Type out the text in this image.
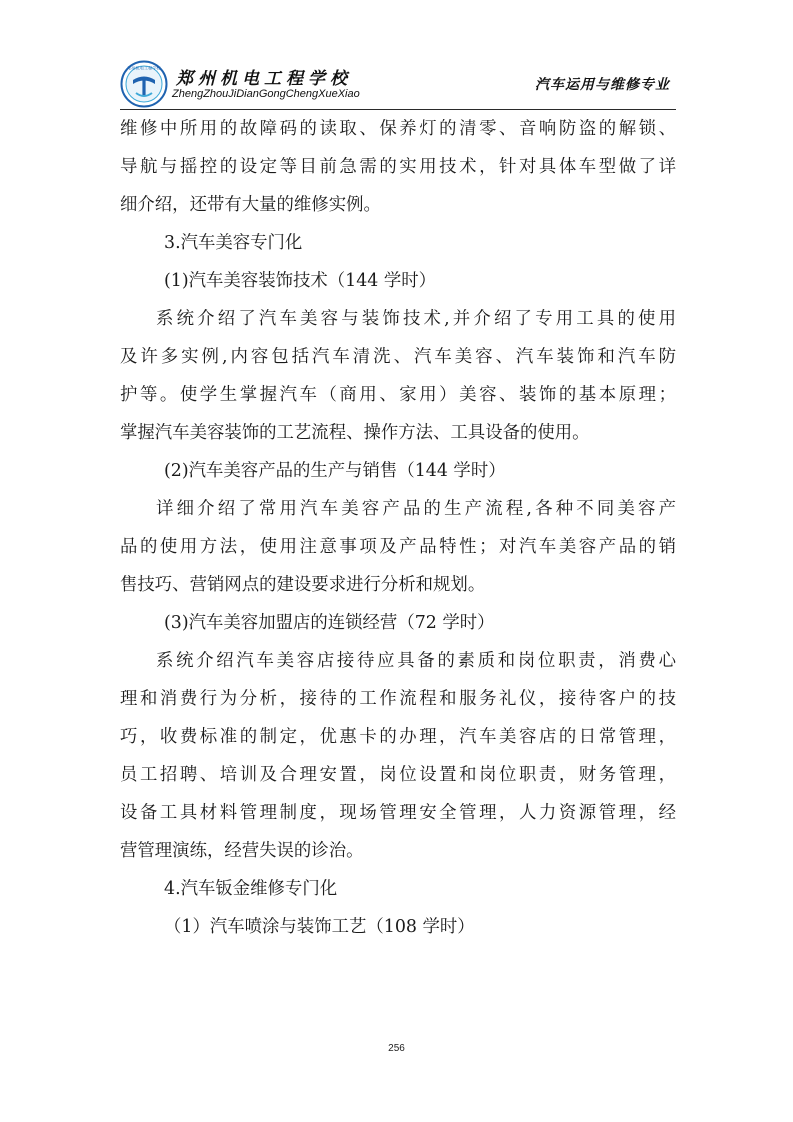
郑州机电工程学校
郑州机电工程学校
ZhengZhouJiDianGongChengXueXiao
汽车运用与维修专业

维修中所用的故障码的读取、保养灯的清零、音响防盗的解锁、

导航与摇控的设定等目前急需的实用技术，针对具体车型做了详

细介绍，还带有大量的维修实例。

3.汽车美容专门化

(1)汽车美容装饰技术（144 学时）

系统介绍了汽车美容与装饰技术,并介绍了专用工具的使用

及许多实例,内容包括汽车清洗、汽车美容、汽车装饰和汽车防

护等。使学生掌握汽车（商用、家用）美容、装饰的基本原理；

掌握汽车美容装饰的工艺流程、操作方法、工具设备的使用。

(2)汽车美容产品的生产与销售（144 学时）

详细介绍了常用汽车美容产品的生产流程,各种不同美容产

品的使用方法，使用注意事项及产品特性；对汽车美容产品的销

售技巧、营销网点的建设要求进行分析和规划。

(3)汽车美容加盟店的连锁经营（72 学时）

系统介绍汽车美容店接待应具备的素质和岗位职责，消费心

理和消费行为分析，接待的工作流程和服务礼仪，接待客户的技

巧，收费标准的制定，优惠卡的办理，汽车美容店的日常管理，

员工招聘、培训及合理安置，岗位设置和岗位职责，财务管理，

设备工具材料管理制度，现场管理安全管理，人力资源管理，经

营管理演练，经营失误的诊治。

4.汽车钣金维修专门化

（1）汽车喷涂与装饰工艺（108 学时）

256
